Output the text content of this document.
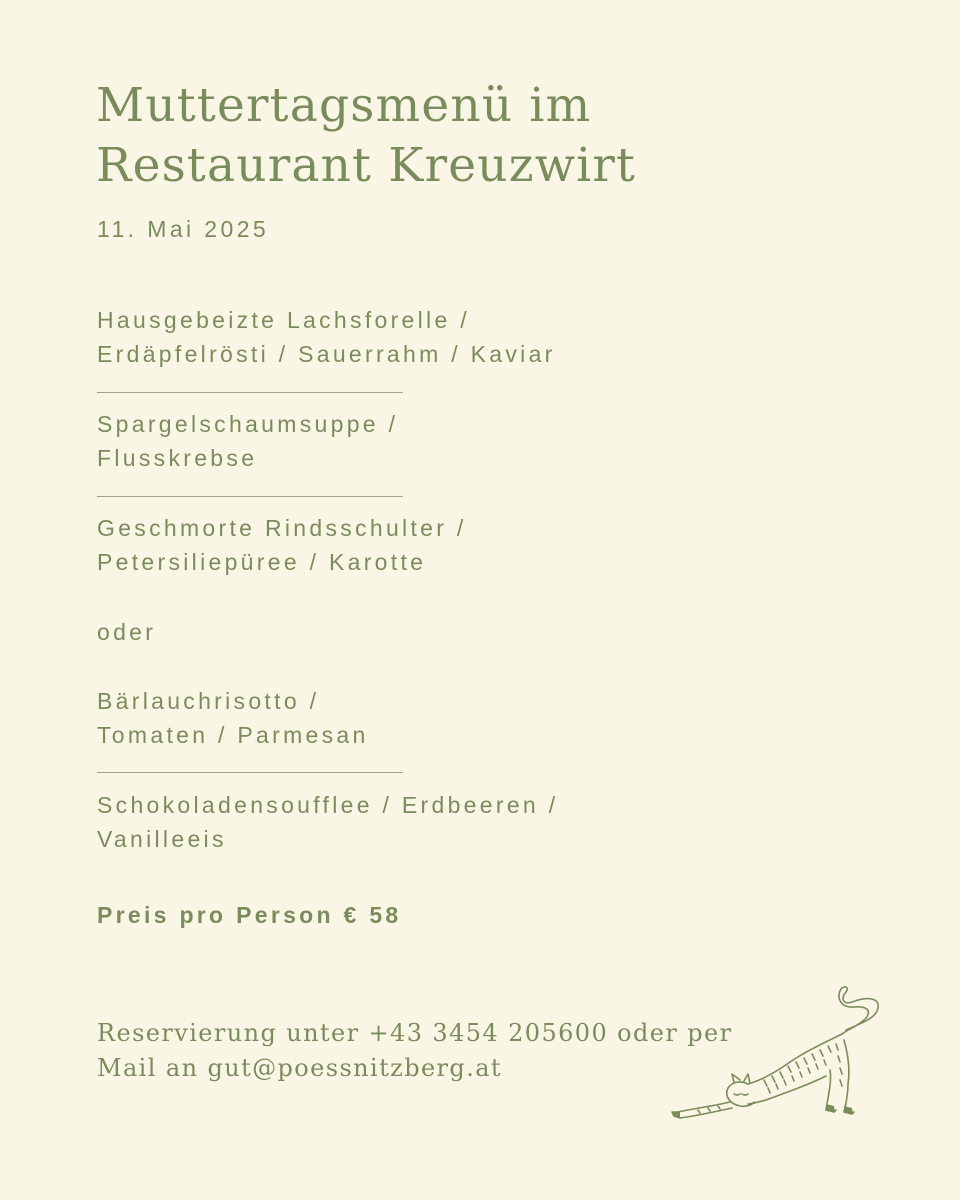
Muttertagsmenü im
Restaurant Kreuzwirt
11. Mai 2025
Hausgebeizte Lachsforelle /
Erdäpfelrösti / Sauerrahm / Kaviar
Spargelschaumsuppe /
Flusskrebse
Geschmorte Rindsschulter /
Petersiliepüree / Karotte
oder
Bärlauchrisotto /
Tomaten / Parmesan
Schokoladensoufflee / Erdbeeren /
Vanilleeis
Preis pro Person € 58
Reservierung unter +43 3454 205600 oder per
Mail an gut@poessnitzberg.at
